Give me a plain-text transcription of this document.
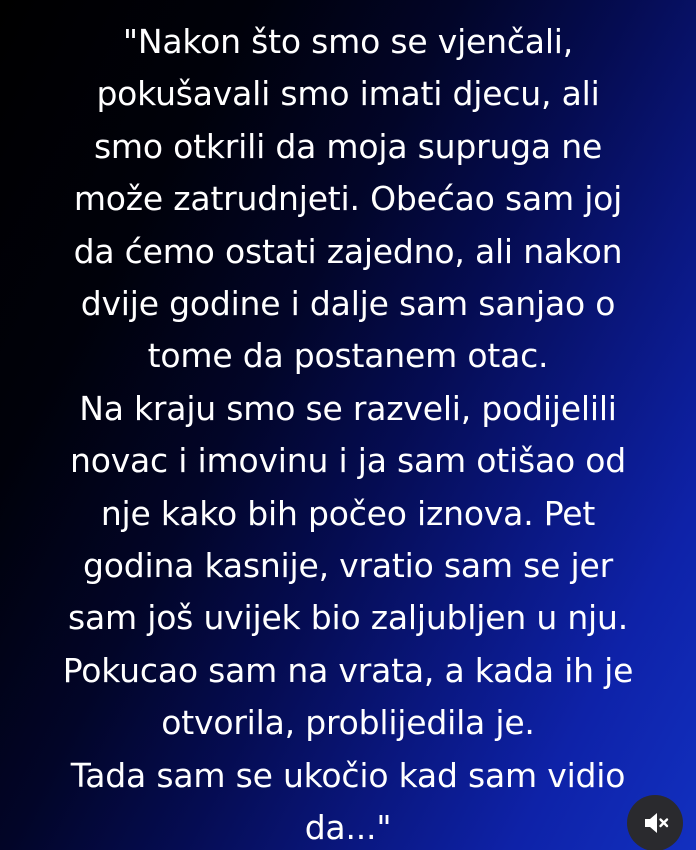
"Nakon što smo se vjenčali,
pokušavali smo imati djecu, ali
smo otkrili da moja supruga ne
može zatrudnjeti. Obećao sam joj
da ćemo ostati zajedno, ali nakon
dvije godine i dalje sam sanjao o
tome da postanem otac.
Na kraju smo se razveli, podijelili
novac i imovinu i ja sam otišao od
nje kako bih počeo iznova. Pet
godina kasnije, vratio sam se jer
sam još uvijek bio zaljubljen u nju.
Pokucao sam na vrata, a kada ih je
otvorila, problijedila je.
Tada sam se ukočio kad sam vidio
da..."
